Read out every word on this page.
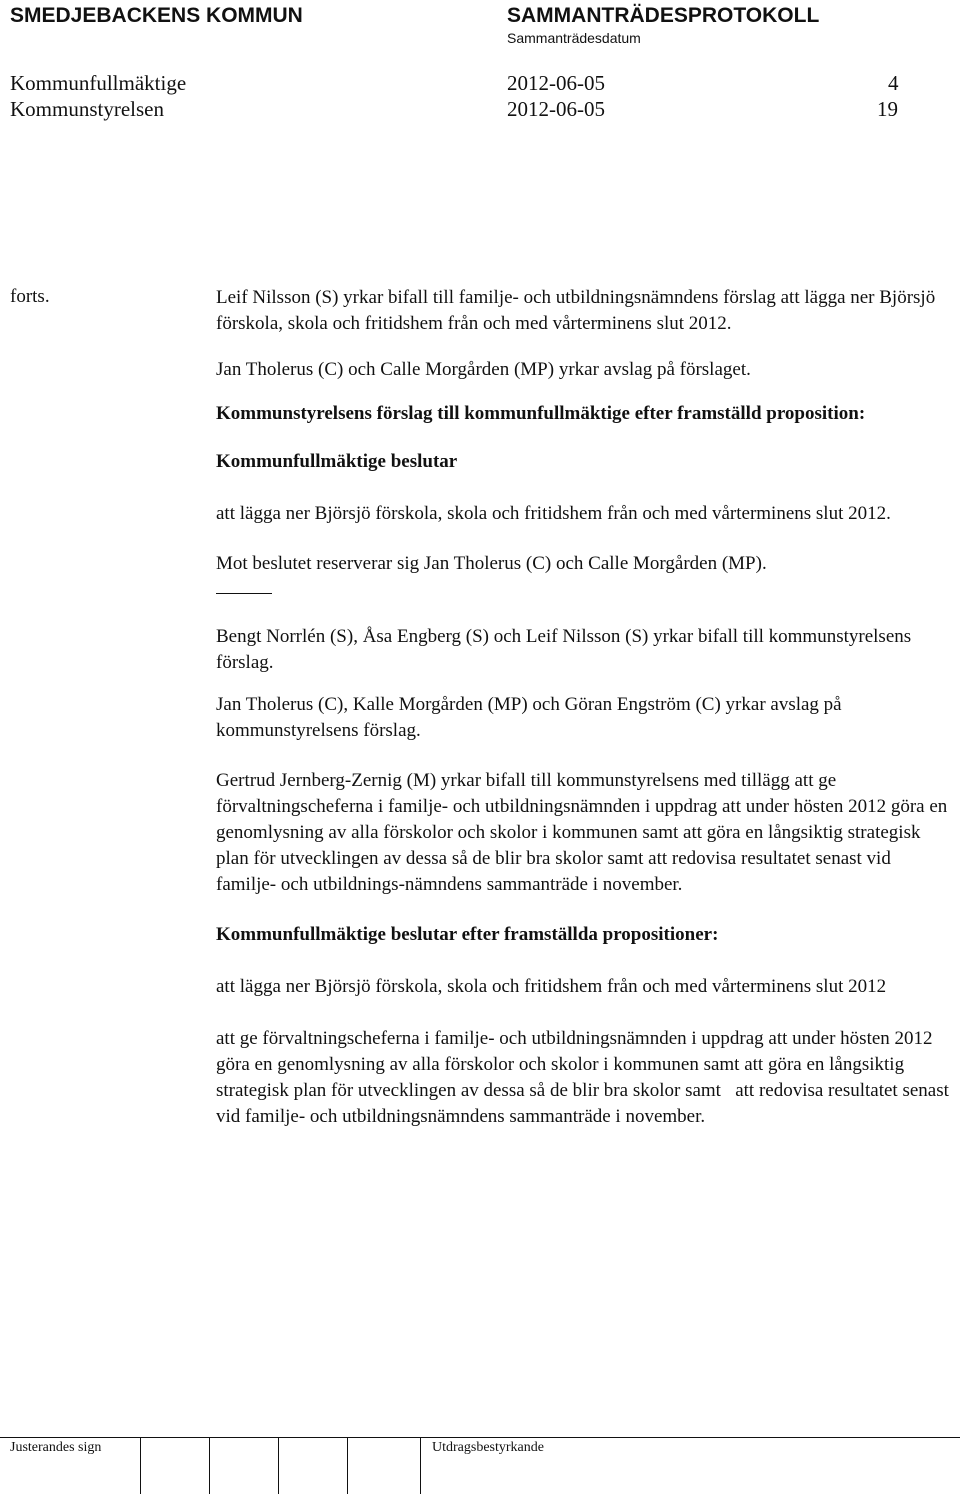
SMEDJEBACKENS KOMMUN	SAMMANTRÄDESPROTOKOLL
Sammanträdesdatum
Kommunfullmäktige	2012-06-05	4
Kommunstyrelsen	2012-06-05	19
forts.	Leif Nilsson (S) yrkar bifall till familje- och utbildningsnämndens förslag att lägga ner Björsjö förskola, skola och fritidshem från och med vårterminens slut 2012.

Jan Tholerus (C) och Calle Morgården (MP) yrkar avslag på förslaget.

Kommunstyrelsens förslag till kommunfullmäktige efter framställd proposition:

Kommunfullmäktige beslutar

att lägga ner Björsjö förskola, skola och fritidshem från och med vårterminens slut 2012.

Mot beslutet reserverar sig Jan Tholerus (C) och Calle Morgården (MP).

Bengt Norrlén (S), Åsa Engberg (S) och Leif Nilsson (S) yrkar bifall till kommunstyrelsens förslag.

Jan Tholerus (C), Kalle Morgården (MP) och Göran Engström (C) yrkar avslag på kommunstyrelsens förslag.

Gertrud Jernberg-Zernig (M) yrkar bifall till kommunstyrelsens med tillägg att ge förvaltningscheferna i familje- och utbildningsnämnden i uppdrag att under hösten 2012 göra en genomlysning av alla förskolor och skolor i kommunen samt att göra en långsiktig strategisk plan för utvecklingen av dessa så de blir bra skolor samt att redovisa resultatet senast vid familje- och utbildnings-nämndens sammanträde i november.

Kommunfullmäktige beslutar efter framställda propositioner:

att lägga ner Björsjö förskola, skola och fritidshem från och med vårterminens slut 2012

att ge förvaltningscheferna i familje- och utbildningsnämnden i uppdrag att under hösten 2012 göra en genomlysning av alla förskolor och skolor i kommunen samt att göra en långsiktig strategisk plan för utvecklingen av dessa så de blir bra skolor samt   att redovisa resultatet senast vid familje- och utbildningsnämndens sammanträde i november.

Justerandes sign	Utdragsbestyrkande
